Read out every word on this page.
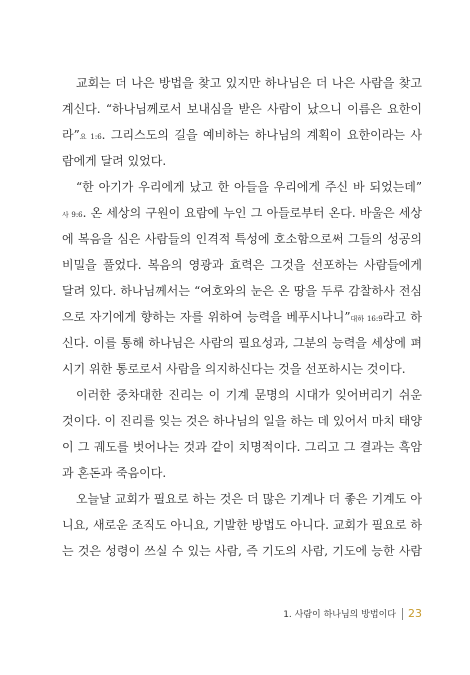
교회는 더 나은 방법을 찾고 있지만 하나님은 더 나은 사람을 찾고
계신다. “하나님께로서 보내심을 받은 사람이 났으니 이름은 요한이
라”요 1:6. 그리스도의 길을 예비하는 하나님의 계획이 요한이라는 사
람에게 달려 있었다.
“한 아기가 우리에게 났고 한 아들을 우리에게 주신 바 되었는데”
사 9:6. 온 세상의 구원이 요람에 누인 그 아들로부터 온다. 바울은 세상
에 복음을 심은 사람들의 인격적 특성에 호소함으로써 그들의 성공의
비밀을 풀었다. 복음의 영광과 효력은 그것을 선포하는 사람들에게
달려 있다. 하나님께서는 “여호와의 눈은 온 땅을 두루 감찰하사 전심
으로 자기에게 향하는 자를 위하여 능력을 베푸시나니”대하 16:9라고 하
신다. 이를 통해 하나님은 사람의 필요성과, 그분의 능력을 세상에 펴
시기 위한 통로로서 사람을 의지하신다는 것을 선포하시는 것이다.
이러한 중차대한 진리는 이 기계 문명의 시대가 잊어버리기 쉬운
것이다. 이 진리를 잊는 것은 하나님의 일을 하는 데 있어서 마치 태양
이 그 궤도를 벗어나는 것과 같이 치명적이다. 그리고 그 결과는 흑암
과 혼돈과 죽음이다.
오늘날 교회가 필요로 하는 것은 더 많은 기계나 더 좋은 기계도 아
니요, 새로운 조직도 아니요, 기발한 방법도 아니다. 교회가 필요로 하
는 것은 성령이 쓰실 수 있는 사람, 즉 기도의 사람, 기도에 능한 사람
1. 사람이 하나님의 방법이다 23
